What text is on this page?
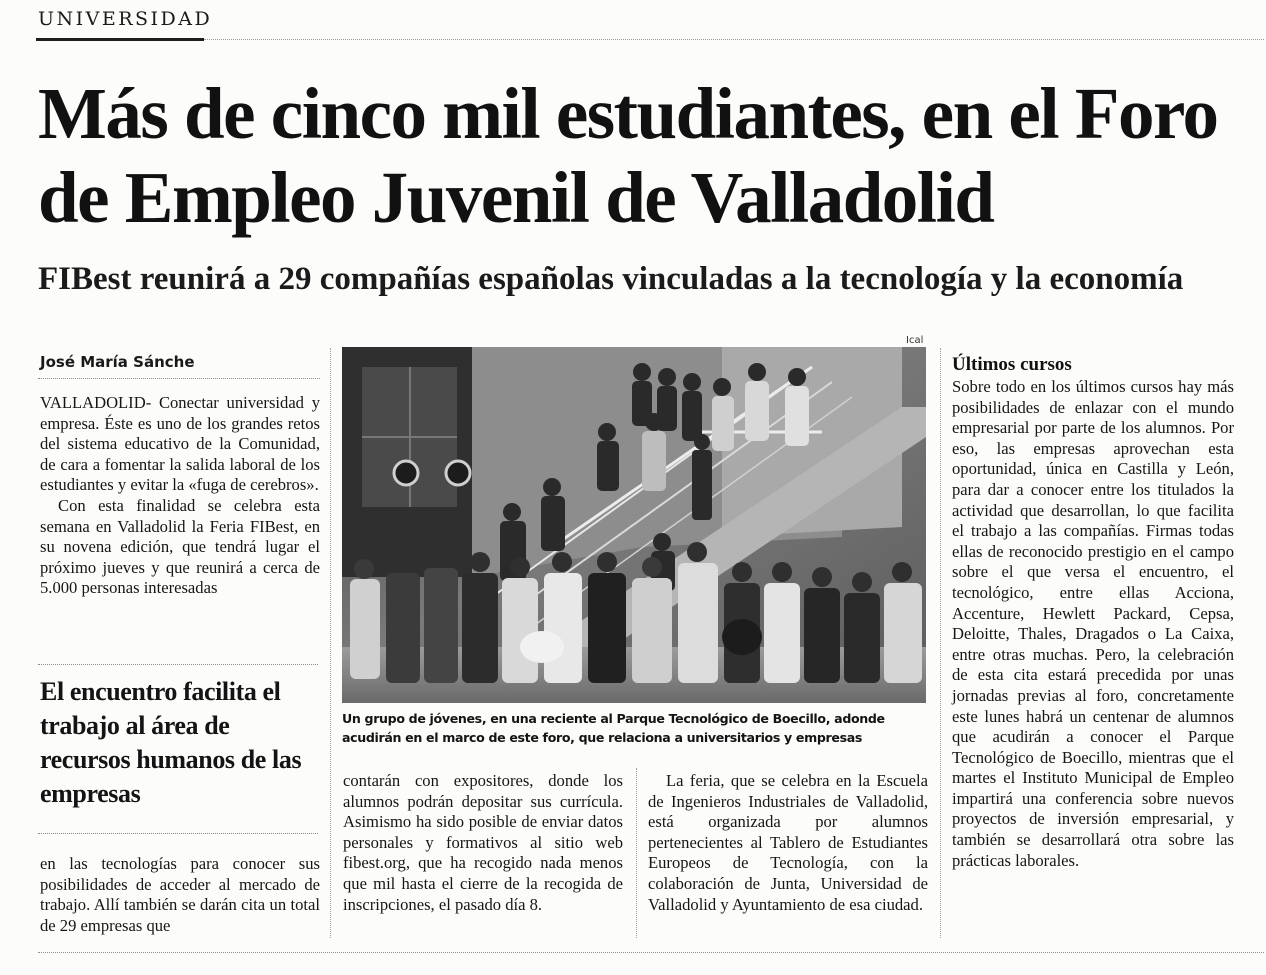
UNIVERSIDAD
Más de cinco mil estudiantes, en el Foro de Empleo Juvenil de Valladolid
FIBest reunirá a 29 compañías españolas vinculadas a la tecnología y la economía
José María Sánche

VALLADOLID- Conectar universidad y empresa. Éste es uno de los grandes retos del sistema educativo de la Comunidad, de cara a fomentar la salida laboral de los estudiantes y evitar la «fuga de cerebros».

Con esta finalidad se celebra esta semana en Valladolid la Feria FIBest, en su novena edición, que tendrá lugar el próximo jueves y que reunirá a cerca de 5.000 personas interesadas

El encuentro facilita el trabajo al área de recursos humanos de las empresas

en las tecnologías para conocer sus posibilidades de acceder al mercado de trabajo. Allí también se darán cita un total de 29 empresas que

Ical

Un grupo de jóvenes, en una reciente al Parque Tecnológico de Boecillo, adonde acudirán en el marco de este foro, que relaciona a universitarios y empresas

contarán con expositores, donde los alumnos podrán depositar sus currícula. Asimismo ha sido posible de enviar datos personales y formativos al sitio web fibest.org, que ha recogido nada menos que mil hasta el cierre de la recogida de inscripciones, el pasado día 8.

La feria, que se celebra en la Escuela de Ingenieros Industriales de Valladolid, está organizada por alumnos pertenecientes al Tablero de Estudiantes Europeos de Tecnología, con la colaboración de Junta, Universidad de Valladolid y Ayuntamiento de esa ciudad.

Últimos cursos

Sobre todo en los últimos cursos hay más posibilidades de enlazar con el mundo empresarial por parte de los alumnos. Por eso, las empresas aprovechan esta oportunidad, única en Castilla y León, para dar a conocer entre los titulados la actividad que desarrollan, lo que facilita el trabajo a las compañías. Firmas todas ellas de reconocido prestigio en el campo sobre el que versa el encuentro, el tecnológico, entre ellas Acciona, Accenture, Hewlett Packard, Cepsa, Deloitte, Thales, Dragados o La Caixa, entre otras muchas. Pero, la celebración de esta cita estará precedida por unas jornadas previas al foro, concretamente este lunes habrá un centenar de alumnos que acudirán a conocer el Parque Tecnológico de Boecillo, mientras que el martes el Instituto Municipal de Empleo impartirá una conferencia sobre nuevos proyectos de inversión empresarial, y también se desarrollará otra sobre las prácticas laborales.
